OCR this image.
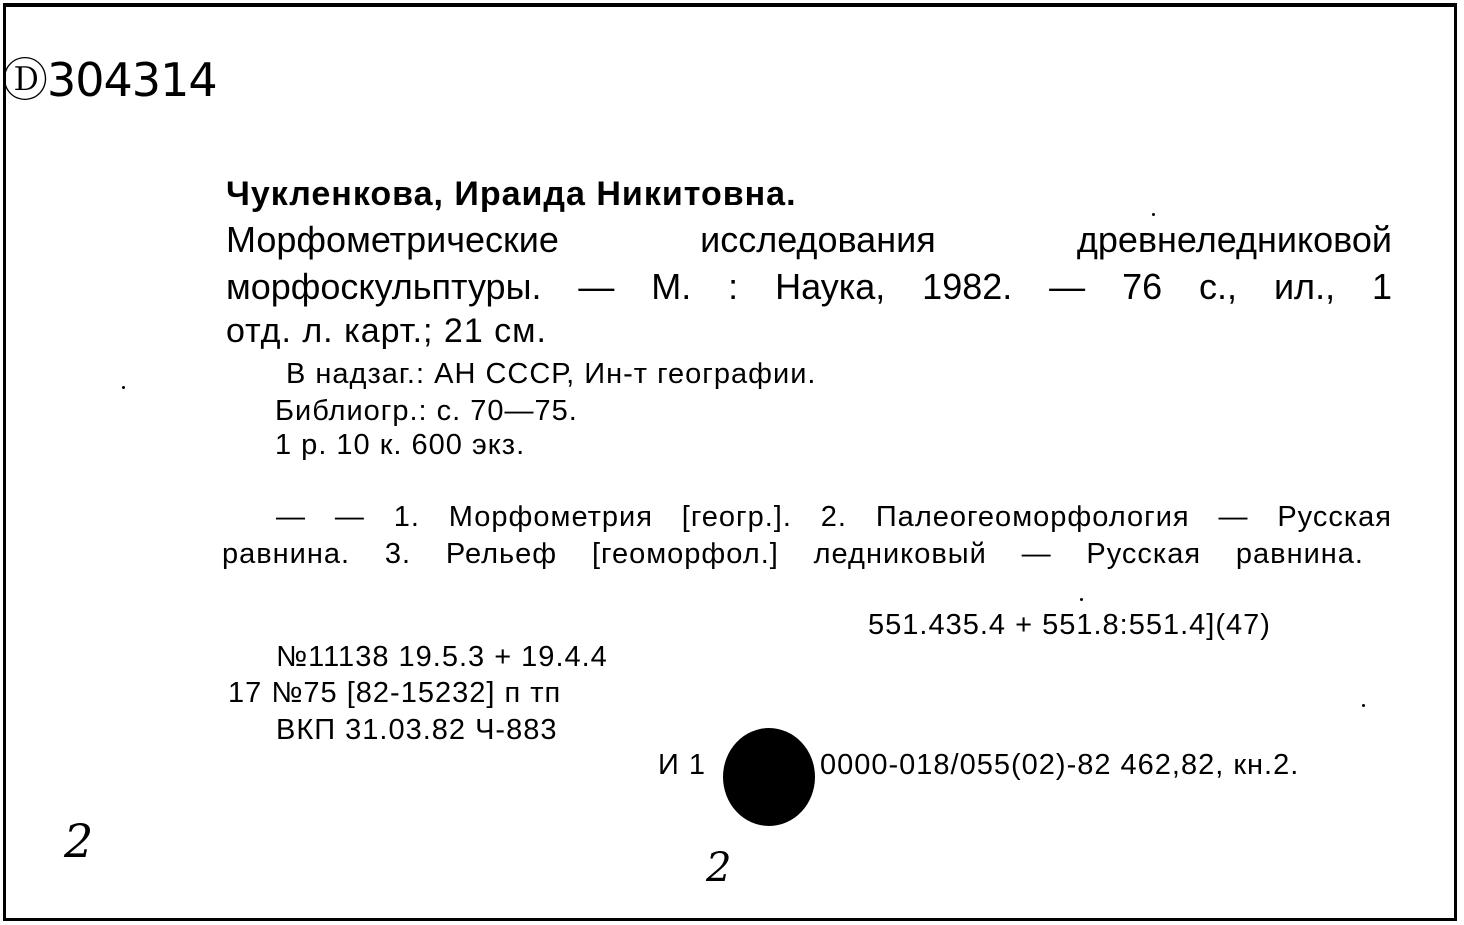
Ⓓ304314
Чукленкова, Ираида Никитовна.
Морфометрические исследования древнеледниковой
морфоскульптуры. — М. : Наука, 1982. — 76 с., ил., 1
отд. л. карт.; 21 см.
В надзаг.: АН СССР, Ин-т географии.
Библиогр.: с. 70—75.
1 р. 10 к. 600 экз.
— — 1. Морфометрия [геогр.]. 2. Палеогеоморфология — Русская
равнина. 3. Рельеф [геоморфол.] ледниковый — Русская равнина.
551.435.4 + 551.8:551.4](47)
№11138 19.5.3 + 19.4.4
17 №75 [82-15232] п тп
ВКП 31.03.82 Ч-883
И 1	0000-018/055(02)-82 462,82, кн.2.
2	2
